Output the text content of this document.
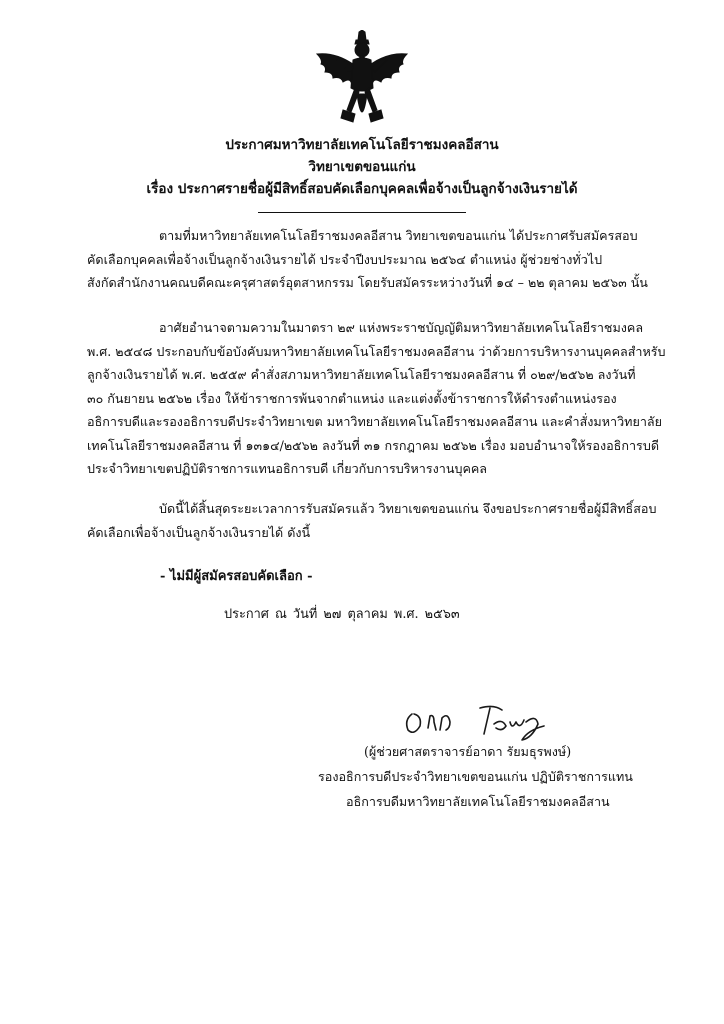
ประกาศมหาวิทยาลัยเทคโนโลยีราชมงคลอีสาน
วิทยาเขตขอนแก่น
เรื่อง ประกาศรายชื่อผู้มีสิทธิ์สอบคัดเลือกบุคคลเพื่อจ้างเป็นลูกจ้างเงินรายได้
ตามที่มหาวิทยาลัยเทคโนโลยีราชมงคลอีสาน วิทยาเขตขอนแก่น ได้ประกาศรับสมัครสอบ
คัดเลือกบุคคลเพื่อจ้างเป็นลูกจ้างเงินรายได้ ประจำปีงบประมาณ ๒๕๖๔ ตำแหน่ง ผู้ช่วยช่างทั่วไป
สังกัดสำนักงานคณบดีคณะครุศาสตร์อุตสาหกรรม โดยรับสมัครระหว่างวันที่ ๑๔ – ๒๒ ตุลาคม ๒๕๖๓ นั้น
อาศัยอำนาจตามความในมาตรา ๒๙ แห่งพระราชบัญญัติมหาวิทยาลัยเทคโนโลยีราชมงคล
พ.ศ. ๒๕๔๘ ประกอบกับข้อบังคับมหาวิทยาลัยเทคโนโลยีราชมงคลอีสาน ว่าด้วยการบริหารงานบุคคลสำหรับ
ลูกจ้างเงินรายได้ พ.ศ. ๒๕๕๙ คำสั่งสภามหาวิทยาลัยเทคโนโลยีราชมงคลอีสาน ที่ ๐๒๙/๒๕๖๒ ลงวันที่
๓๐ กันยายน ๒๕๖๒ เรื่อง ให้ข้าราชการพ้นจากตำแหน่ง และแต่งตั้งข้าราชการให้ดำรงตำแหน่งรอง
อธิการบดีและรองอธิการบดีประจำวิทยาเขต มหาวิทยาลัยเทคโนโลยีราชมงคลอีสาน และคำสั่งมหาวิทยาลัย
เทคโนโลยีราชมงคลอีสาน ที่ ๑๓๑๔/๒๕๖๒ ลงวันที่ ๓๑ กรกฎาคม ๒๕๖๒ เรื่อง มอบอำนาจให้รองอธิการบดี
ประจำวิทยาเขตปฏิบัติราชการแทนอธิการบดี เกี่ยวกับการบริหารงานบุคคล
บัดนี้ได้สิ้นสุดระยะเวลาการรับสมัครแล้ว วิทยาเขตขอนแก่น จึงขอประกาศรายชื่อผู้มีสิทธิ์สอบ
คัดเลือกเพื่อจ้างเป็นลูกจ้างเงินรายได้ ดังนี้
- ไม่มีผู้สมัครสอบคัดเลือก -
ประกาศ ณ วันที่ ๒๗ ตุลาคม พ.ศ. ๒๕๖๓
(ผู้ช่วยศาสตราจารย์อาดา รัยมธุรพงษ์)
รองอธิการบดีประจำวิทยาเขตขอนแก่น ปฏิบัติราชการแทน
อธิการบดีมหาวิทยาลัยเทคโนโลยีราชมงคลอีสาน
